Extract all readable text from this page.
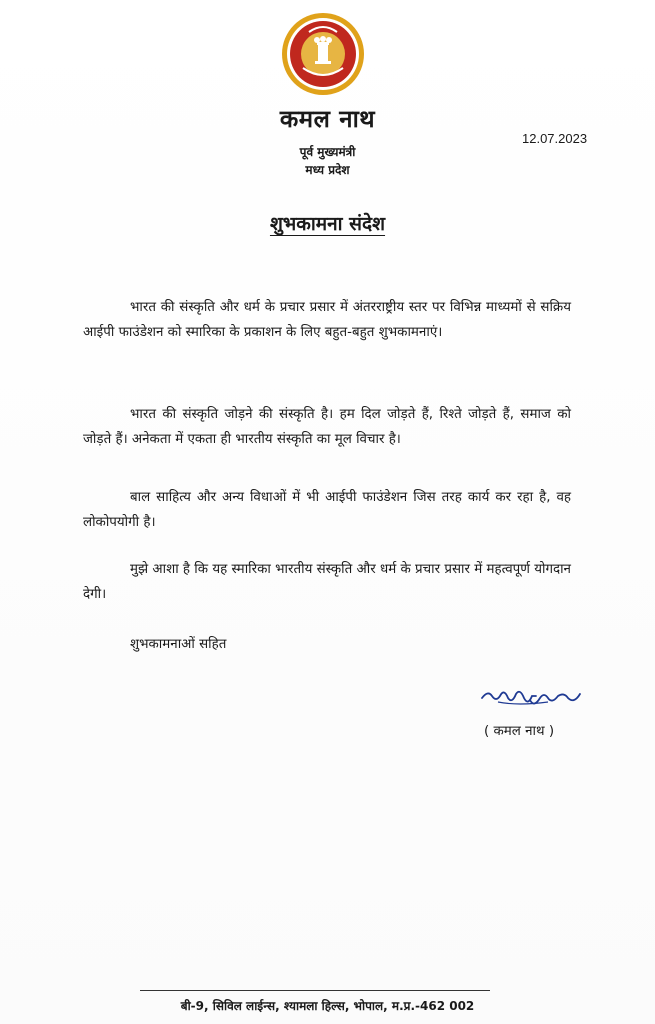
कमल नाथ
पूर्व मुख्यमंत्री
मध्य प्रदेश
12.07.2023
शुभकामना संदेश

भारत की संस्कृति और धर्म के प्रचार प्रसार में अंतरराष्ट्रीय स्तर पर विभिन्न माध्यमों से सक्रिय आईपी फाउंडेशन को स्मारिका के प्रकाशन के लिए बहुत-बहुत शुभकामनाएं।

भारत की संस्कृति जोड़ने की संस्कृति है। हम दिल जोड़ते हैं, रिश्ते जोड़ते हैं, समाज को जोड़ते हैं। अनेकता में एकता ही भारतीय संस्कृति का मूल विचार है।

बाल साहित्य और अन्य विधाओं में भी आईपी फाउंडेशन जिस तरह कार्य कर रहा है, वह लोकोपयोगी है।

मुझे आशा है कि यह स्मारिका भारतीय संस्कृति और धर्म के प्रचार प्रसार में महत्वपूर्ण योगदान देगी।

शुभकामनाओं सहित

( कमल नाथ )
बी-9, सिविल लाईन्स, श्यामला हिल्स, भोपाल, म.प्र.-462 002
